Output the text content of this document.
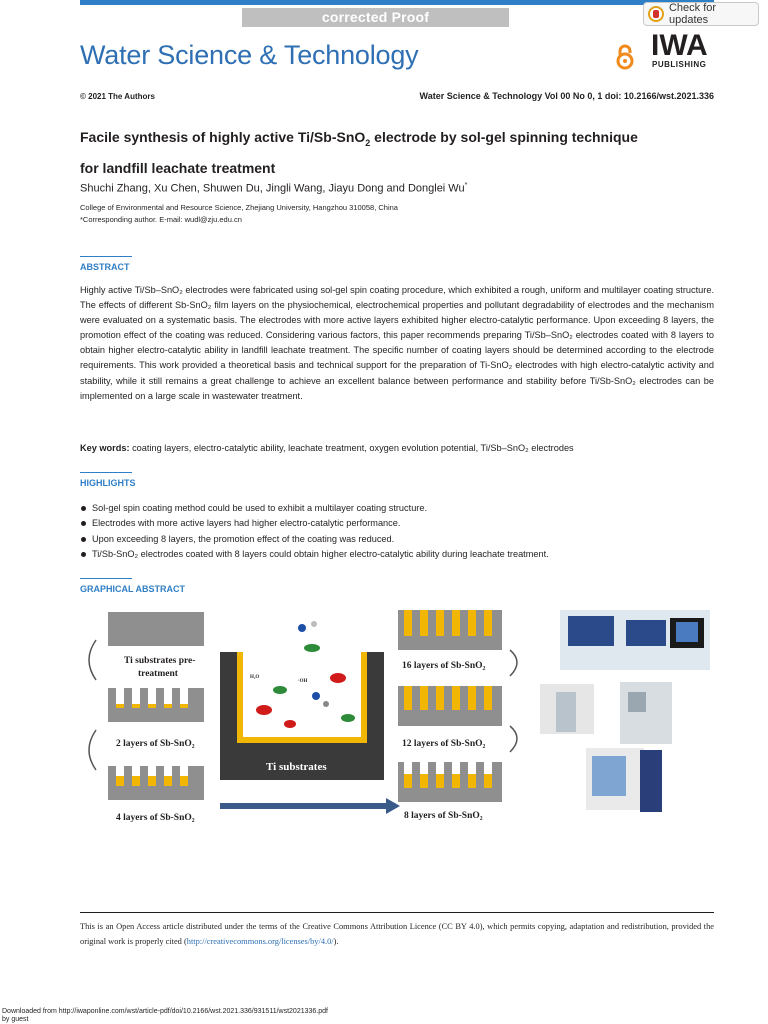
corrected Proof
Check for updates
Water Science & Technology	IWA
PUBLISHING
© 2021 The Authors	Water Science & Technology Vol 00 No 0, 1 doi: 10.2166/wst.2021.336
Facile synthesis of highly active Ti/Sb-SnO$_2$ electrode by sol-gel spinning technique
for landfill leachate treatment
Shuchi Zhang, Xu Chen, Shuwen Du, Jingli Wang, Jiayu Dong and Donglei Wu*
College of Environmental and Resource Science, Zhejiang University, Hangzhou 310058, China
*Corresponding author. E-mail: wudl@zju.edu.cn
ABSTRACT
Highly active Ti/Sb–SnO₂ electrodes were fabricated using sol-gel spin coating procedure, which exhibited a rough, uniform and multilayer coating structure. The effects of different Sb-SnO₂ film layers on the physiochemical, electrochemical properties and pollutant degradability of electrodes and the mechanism were evaluated on a systematic basis. The electrodes with more active layers exhibited higher electro-catalytic performance. Upon exceeding 8 layers, the promotion effect of the coating was reduced. Considering various factors, this paper recommends preparing Ti/Sb–SnO₂ electrodes coated with 8 layers to obtain higher electro-catalytic ability in landfill leachate treatment. The specific number of coating layers should be determined according to the electrode requirements. This work provided a theoretical basis and technical support for the preparation of Ti-SnO₂ electrodes with high electro-catalytic activity and stability, while it still remains a great challenge to achieve an excellent balance between performance and stability before Ti/Sb-SnO₂ electrodes can be implemented on a large scale in wastewater treatment.
Key words: coating layers, electro-catalytic ability, leachate treatment, oxygen evolution potential, Ti/Sb–SnO₂ electrodes
HIGHLIGHTS
Sol-gel spin coating method could be used to exhibit a multilayer coating structure.
Electrodes with more active layers had higher electro-catalytic performance.
Upon exceeding 8 layers, the promotion effect of the coating was reduced.
Ti/Sb-SnO₂ electrodes coated with 8 layers could obtain higher electro-catalytic ability during leachate treatment.
GRAPHICAL ABSTRACT
Ti substrates pre-
treatment
2 layers of Sb-SnO₂
4 layers of Sb-SnO₂
Ti substrates
H₂O
·OH
16 layers of Sb-SnO₂
12 layers of Sb-SnO₂
8 layers of Sb-SnO₂
This is an Open Access article distributed under the terms of the Creative Commons Attribution Licence (CC BY 4.0), which permits copying, adaptation and redistribution, provided the original work is properly cited (http://creativecommons.org/licenses/by/4.0/).
Downloaded from http://iwaponline.com/wst/article-pdf/doi/10.2166/wst.2021.336/931511/wst2021336.pdf
by guest
